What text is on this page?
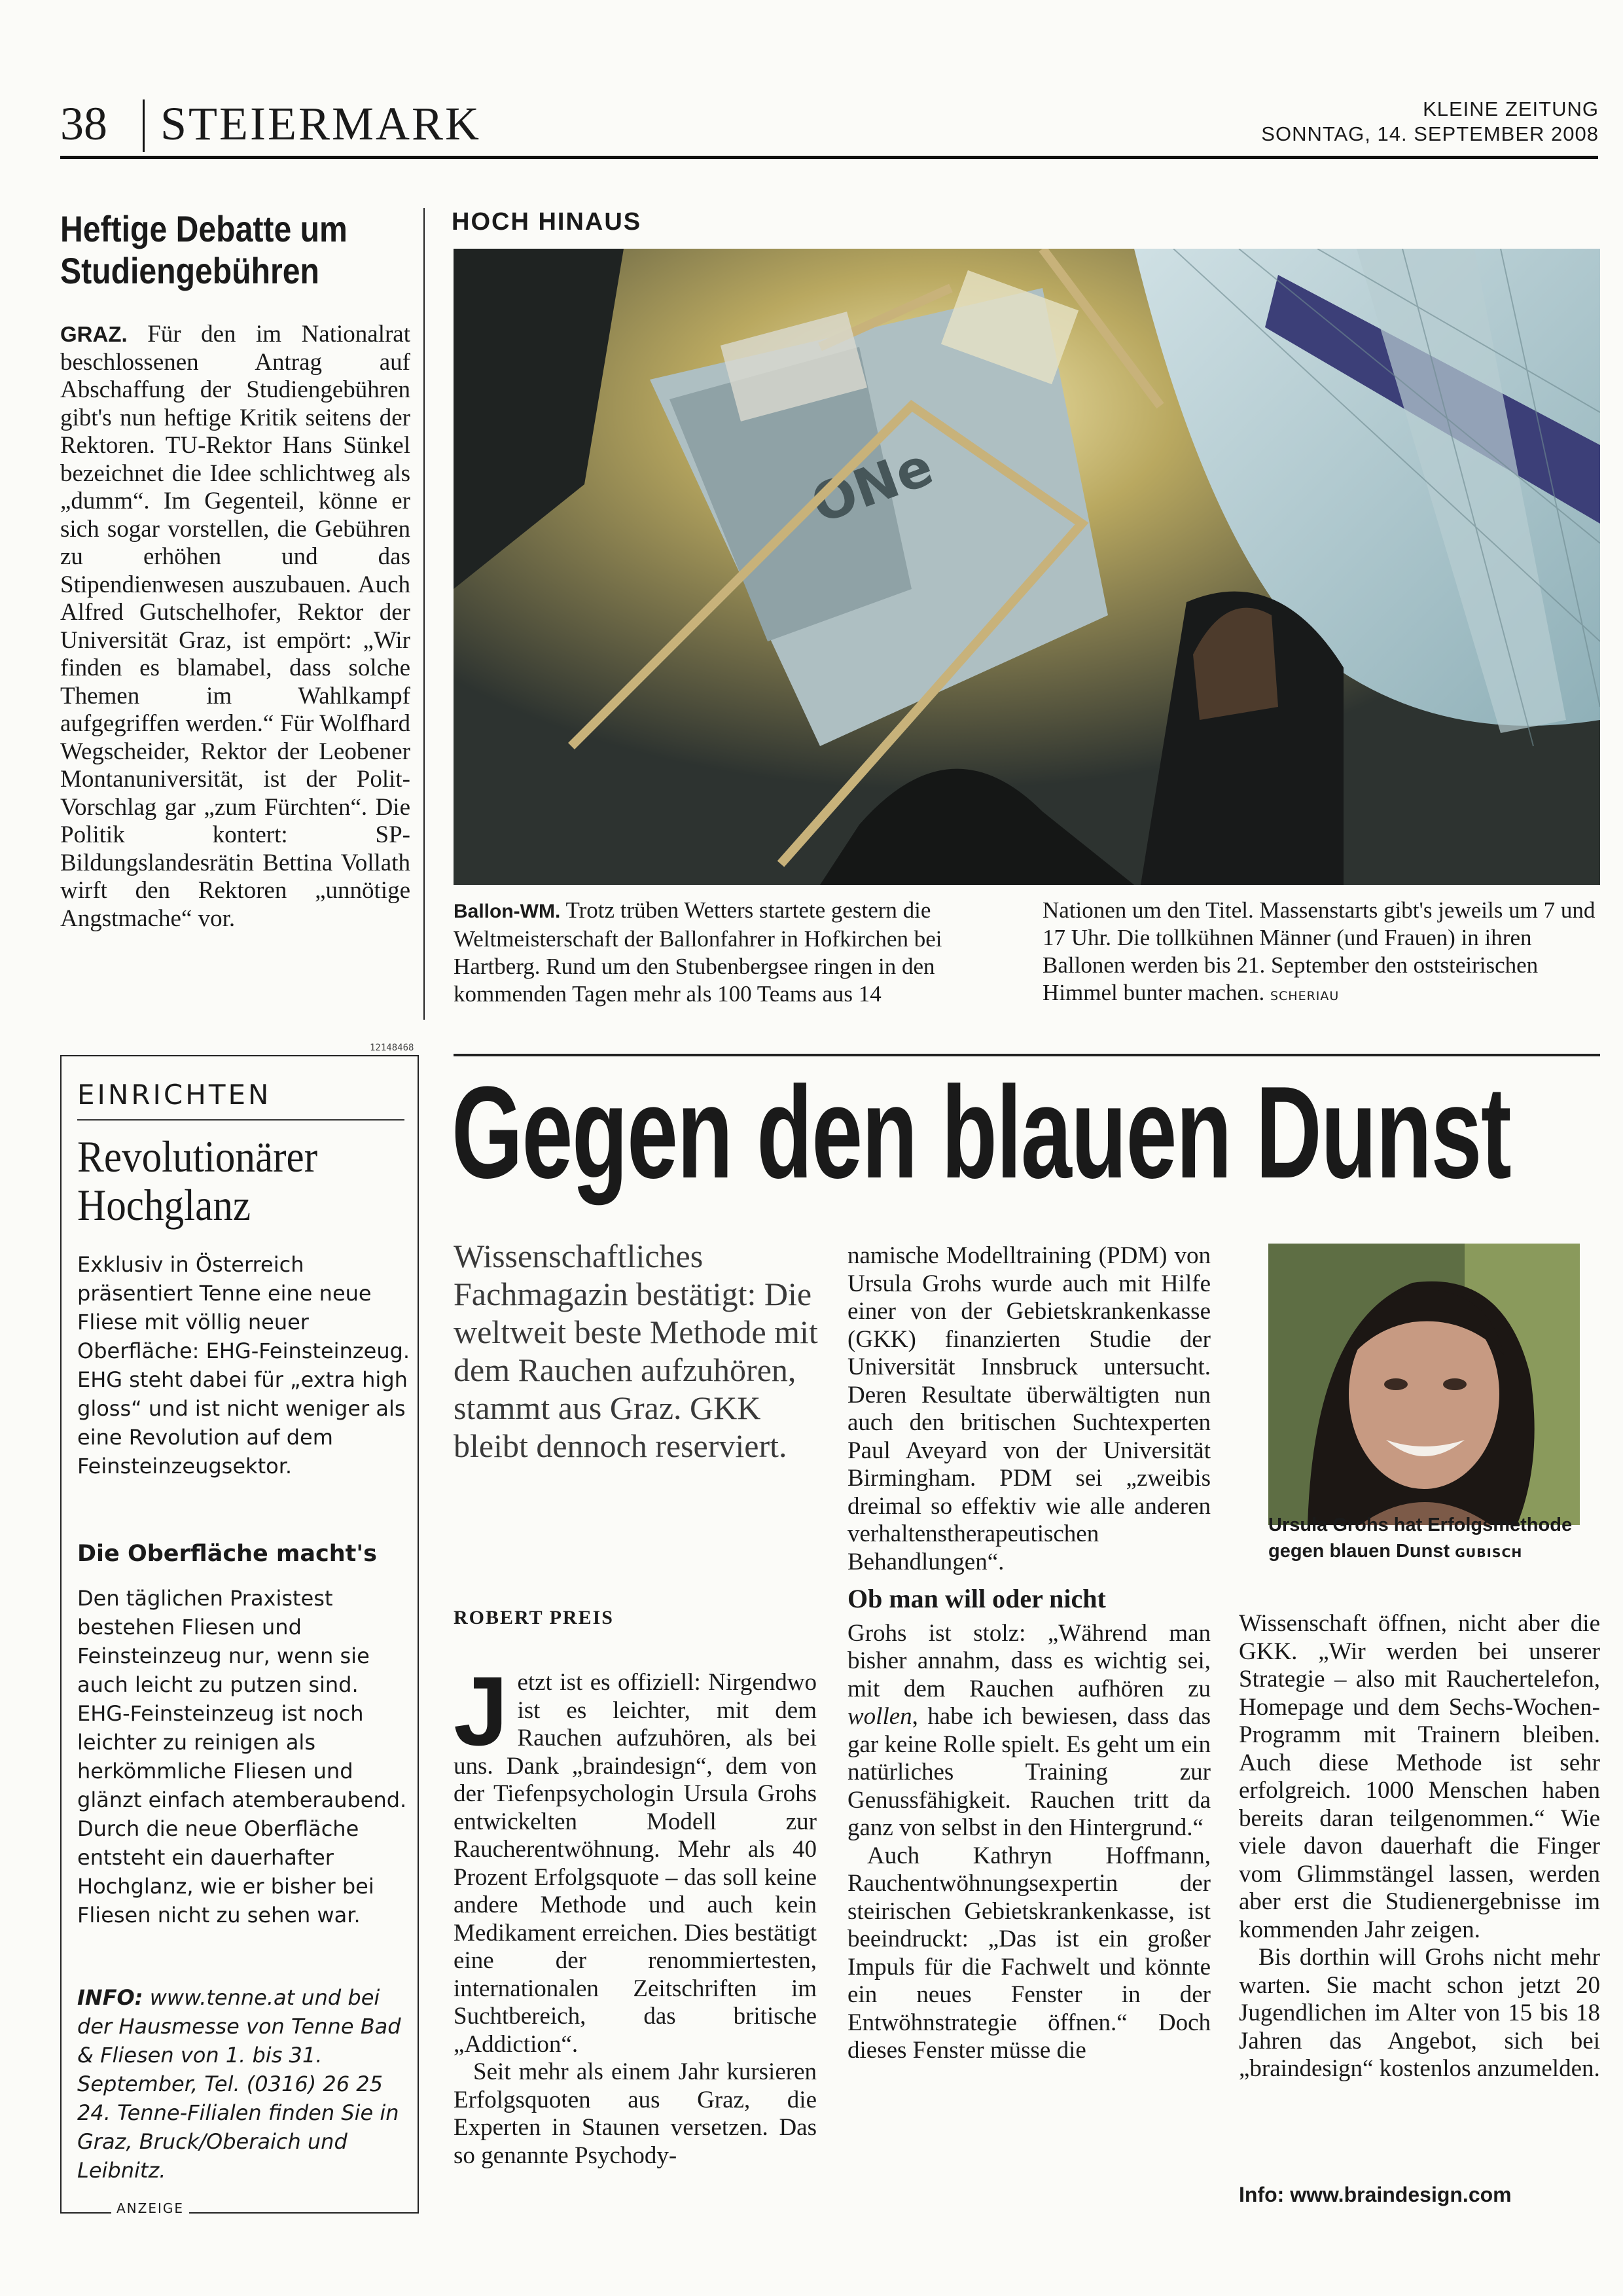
38 STEIERMARK	KLEINE ZEITUNG
SONNTAG, 14. SEPTEMBER 2008
Heftige Debatte um Studiengebühren
GRAZ. Für den im Nationalrat beschlossenen Antrag auf Abschaffung der Studiengebühren gibt's nun heftige Kritik seitens der Rektoren. TU-Rektor Hans Sünkel bezeichnet die Idee schlichtweg als „dumm“. Im Gegenteil, könne er sich sogar vorstellen, die Gebühren zu erhöhen und das Stipendienwesen auszubauen. Auch Alfred Gutschelhofer, Rektor der Universität Graz, ist empört: „Wir finden es blamabel, dass solche Themen im Wahlkampf aufgegriffen werden.“ Für Wolfhard Wegscheider, Rektor der Leobener Montanuniversität, ist der Polit-Vorschlag gar „zum Fürchten“. Die Politik kontert: SP-Bildungslandesrätin Bettina Vollath wirft den Rektoren „unnötige Angstmache“ vor.
HOCH HINAUS
ONe
Ballon-WM. Trotz trüben Wetters startete gestern die Weltmeisterschaft der Ballonfahrer in Hofkirchen bei Hartberg. Rund um den Stubenbergsee ringen in den kommenden Tagen mehr als 100 Teams aus 14
Nationen um den Titel. Massenstarts gibt's jeweils um 7 und 17 Uhr. Die tollkühnen Männer (und Frauen) in ihren Ballonen werden bis 21. September den oststeirischen Himmel bunter machen. SCHERIAU
12148468
EINRICHTEN
Revolutionärer Hochglanz
Exklusiv in Österreich präsentiert Tenne eine neue Fliese mit völlig neuer Oberfläche: EHG-Feinsteinzeug. EHG steht dabei für „extra high gloss“ und ist nicht weniger als eine Revolution auf dem Feinsteinzeugsektor.
Die Oberfläche macht's
Den täglichen Praxistest bestehen Fliesen und Feinsteinzeug nur, wenn sie auch leicht zu putzen sind. EHG-Feinsteinzeug ist noch leichter zu reinigen als herkömmliche Fliesen und glänzt einfach atemberaubend. Durch die neue Oberfläche entsteht ein dauerhafter Hochglanz, wie er bisher bei Fliesen nicht zu sehen war.
INFO: www.tenne.at und bei der Hausmesse von Tenne Bad & Fliesen von 1. bis 31. September, Tel. (0316) 26 25 24. Tenne-Filialen finden Sie in Graz, Bruck/Oberaich und Leibnitz.
ANZEIGE
Gegen den blauen Dunst
Wissenschaftliches Fachmagazin bestätigt: Die weltweit beste Methode mit dem Rauchen aufzuhören, stammt aus Graz. GKK bleibt dennoch reserviert.
ROBERT PREIS
J etzt ist es offiziell: Nirgendwo ist es leichter, mit dem Rauchen aufzuhören, als bei uns. Dank „braindesign“, dem von der Tiefenpsychologin Ursula Grohs entwickelten Modell zur Raucherentwöhnung. Mehr als 40 Prozent Erfolgsquote – das soll keine andere Methode und auch kein Medikament erreichen. Dies bestätigt eine der renommiertesten, internationalen Zeitschriften im Suchtbereich, das britische „Addiction“.
Seit mehr als einem Jahr kursieren Erfolgsquoten aus Graz, die Experten in Staunen versetzen. Das so genannte Psychody-
namische Modelltraining (PDM) von Ursula Grohs wurde auch mit Hilfe einer von der Gebietskrankenkasse (GKK) finanzierten Studie der Universität Innsbruck untersucht. Deren Resultate überwältigten nun auch den britischen Suchtexperten Paul Aveyard von der Universität Birmingham. PDM sei „zweibis dreimal so effektiv wie alle anderen verhaltenstherapeutischen Behandlungen“.
Ob man will oder nicht
Grohs ist stolz: „Während man bisher annahm, dass es wichtig sei, mit dem Rauchen aufhören zu wollen, habe ich bewiesen, dass das gar keine Rolle spielt. Es geht um ein natürliches Training zur Genussfähigkeit. Rauchen tritt da ganz von selbst in den Hintergrund.“
Auch Kathryn Hoffmann, Rauchentwöhnungsexpertin der steirischen Gebietskrankenkasse, ist beeindruckt: „Das ist ein großer Impuls für die Fachwelt und könnte ein neues Fenster in der Entwöhnstrategie öffnen.“ Doch dieses Fenster müsse die
Ursula Grohs hat Erfolgsmethode gegen blauen Dunst GUBISCH
Wissenschaft öffnen, nicht aber die GKK. „Wir werden bei unserer Strategie – also mit Rauchertelefon, Homepage und dem Sechs-Wochen-Programm mit Trainern bleiben. Auch diese Methode ist sehr erfolgreich. 1000 Menschen haben bereits daran teilgenommen.“ Wie viele davon dauerhaft die Finger vom Glimmstängel lassen, werden aber erst die Studienergebnisse im kommenden Jahr zeigen.
Bis dorthin will Grohs nicht mehr warten. Sie macht schon jetzt 20 Jugendlichen im Alter von 15 bis 18 Jahren das Angebot, sich bei „braindesign“ kostenlos anzumelden.
Info: www.braindesign.com
